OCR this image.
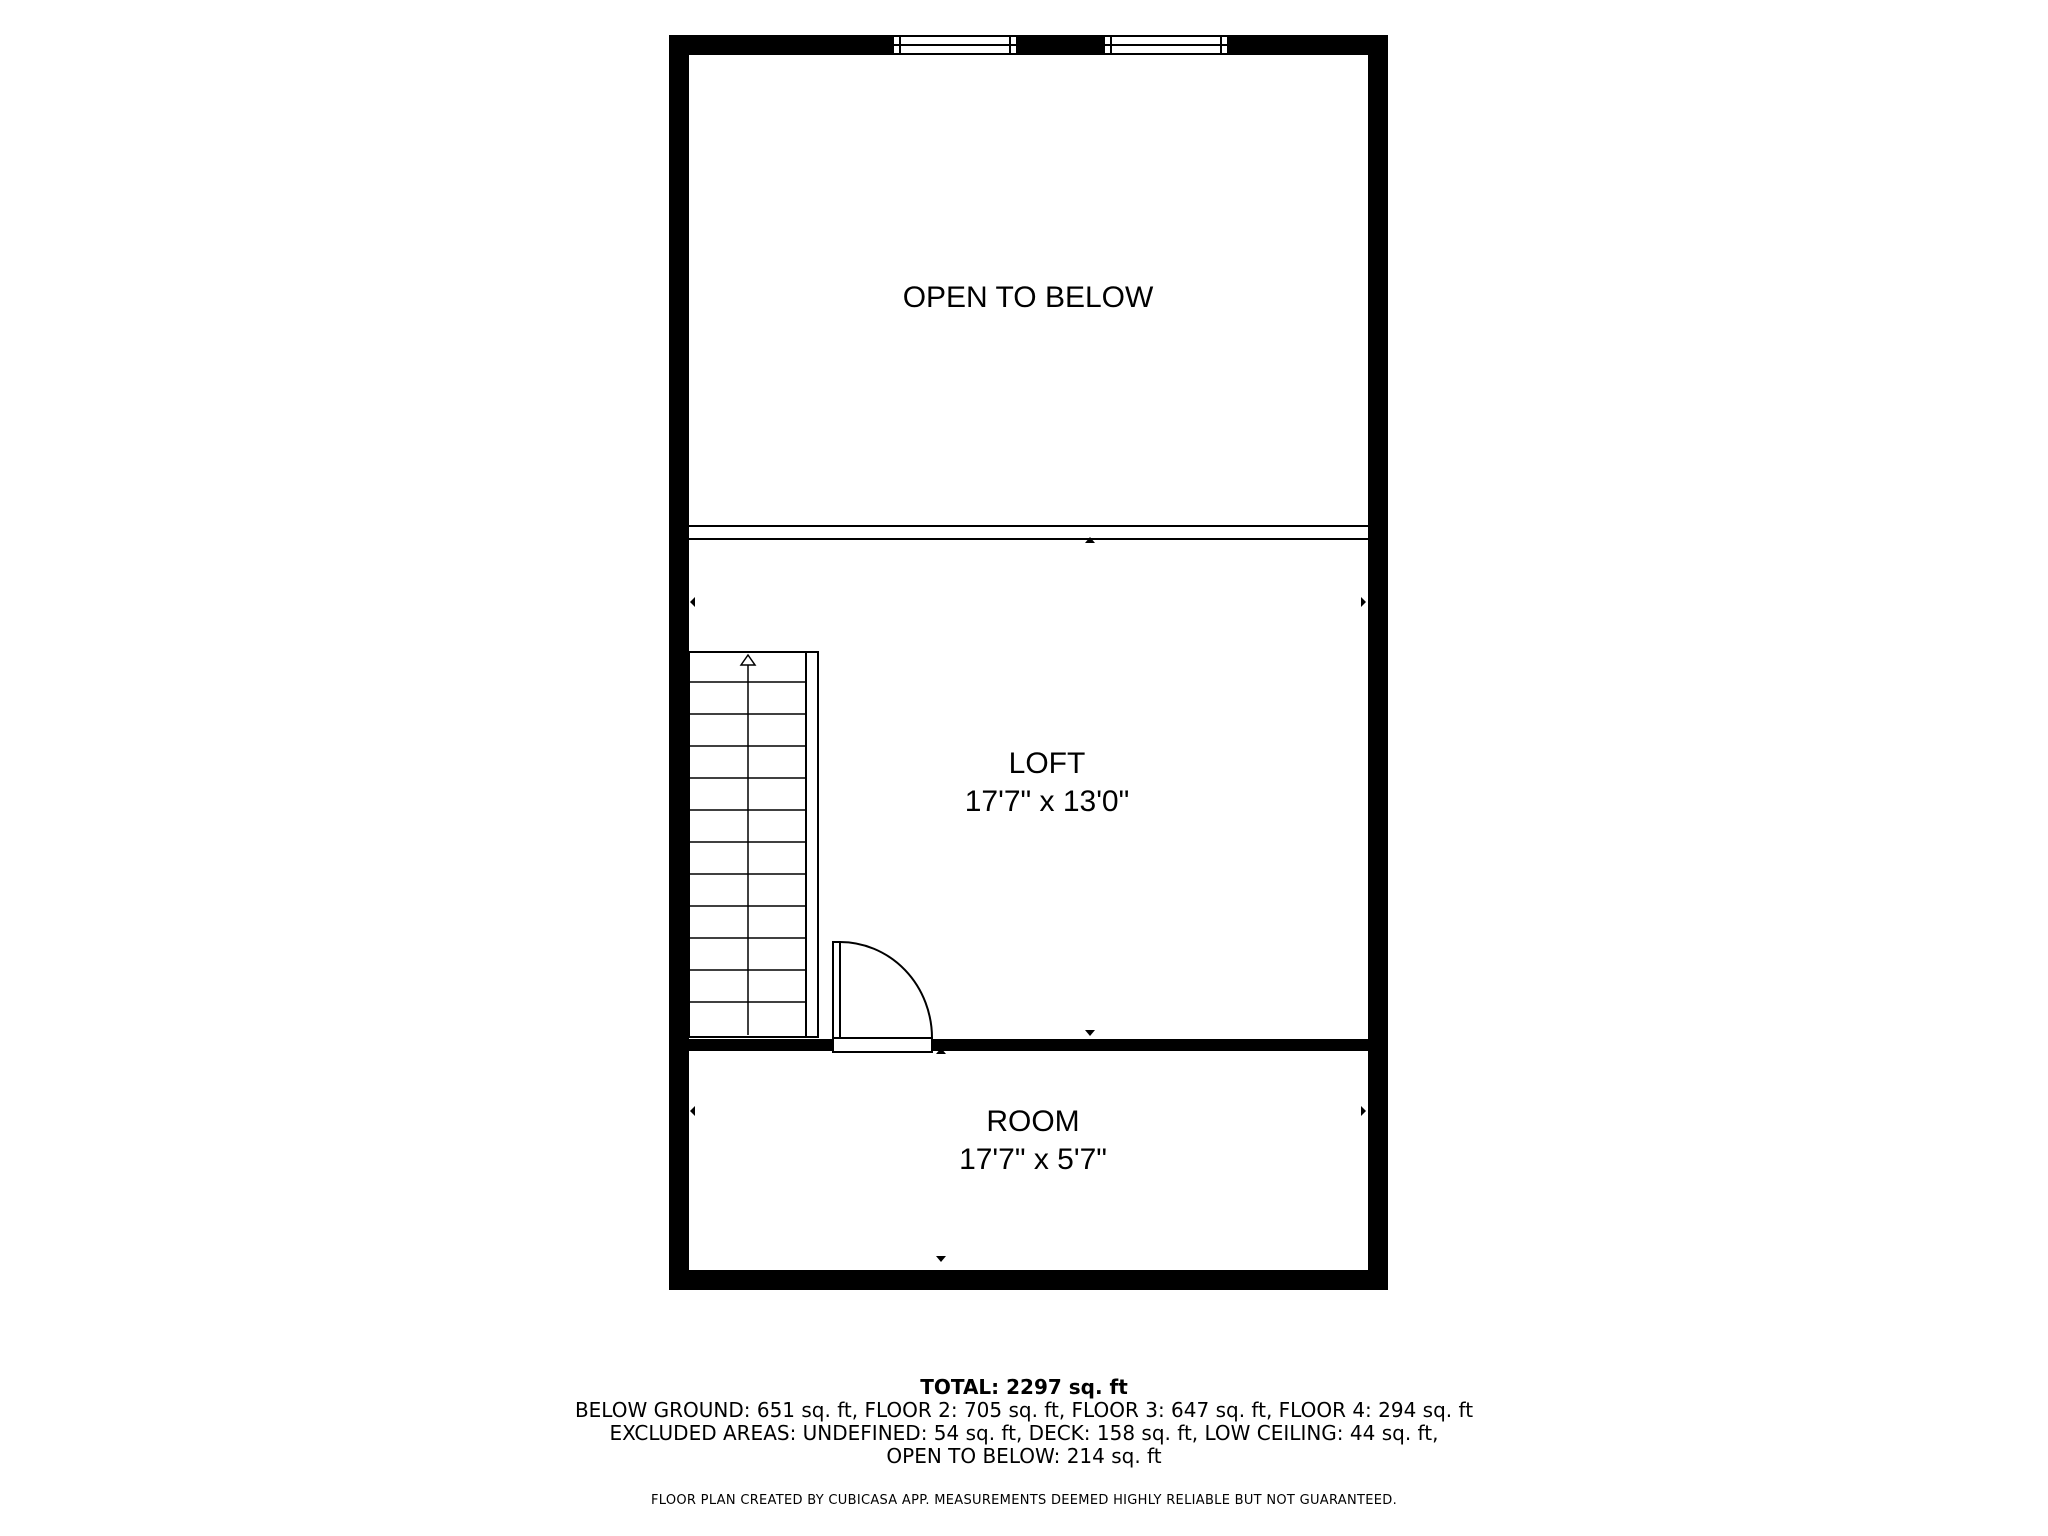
OPEN TO BELOW
LOFT
17'7" x 13'0"
ROOM
17'7" x 5'7"
TOTAL: 2297 sq. ft
BELOW GROUND: 651 sq. ft, FLOOR 2: 705 sq. ft, FLOOR 3: 647 sq. ft, FLOOR 4: 294 sq. ft
EXCLUDED AREAS: UNDEFINED: 54 sq. ft, DECK: 158 sq. ft, LOW CEILING: 44 sq. ft,
OPEN TO BELOW: 214 sq. ft
FLOOR PLAN CREATED BY CUBICASA APP. MEASUREMENTS DEEMED HIGHLY RELIABLE BUT NOT GUARANTEED.
